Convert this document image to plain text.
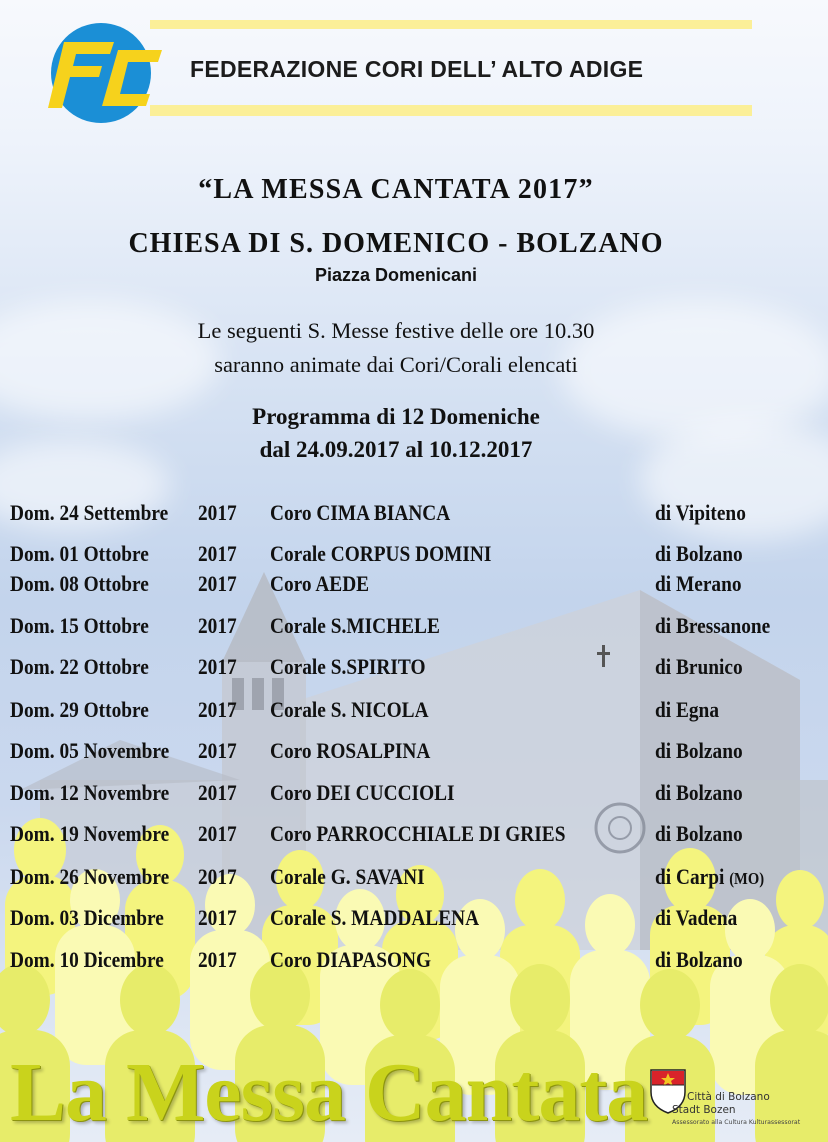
FEDERAZIONE CORI DELL’ ALTO ADIGE
“LA MESSA CANTATA 2017”
CHIESA DI S. DOMENICO - BOLZANO
Piazza Domenicani
Le seguenti S. Messe festive delle ore 10.30
saranno animate dai Cori/Corali elencati
Programma di 12 Domeniche
dal 24.09.2017 al 10.12.2017
Dom. 24 Settembre 2017 Coro CIMA BIANCA	di Vipiteno
Dom. 01 Ottobre 2017 Corale CORPUS DOMINI	di Bolzano
Dom. 08 Ottobre 2017 Coro AEDE	di Merano
Dom. 15 Ottobre 2017 Corale S.MICHELE	di Bressanone
Dom. 22 Ottobre 2017 Corale S.SPIRITO	di Brunico
Dom. 29 Ottobre 2017 Corale S. NICOLA	di Egna
Dom. 05 Novembre 2017 Coro ROSALPINA	di Bolzano
Dom. 12 Novembre 2017 Coro DEI CUCCIOLI	di Bolzano
Dom. 19 Novembre 2017 Coro PARROCCHIALE DI GRIES	di Bolzano
Dom. 26 Novembre 2017 Corale G. SAVANI	di Carpi (MO)
Dom. 03 Dicembre 2017 Corale S. MADDALENA	di Vadena
Dom. 10 Dicembre 2017 Coro DIAPASONG	di Bolzano
La Messa Cantata	Città di Bolzano
Stadt Bozen
Assessorato alla Cultura Kulturassessorat
